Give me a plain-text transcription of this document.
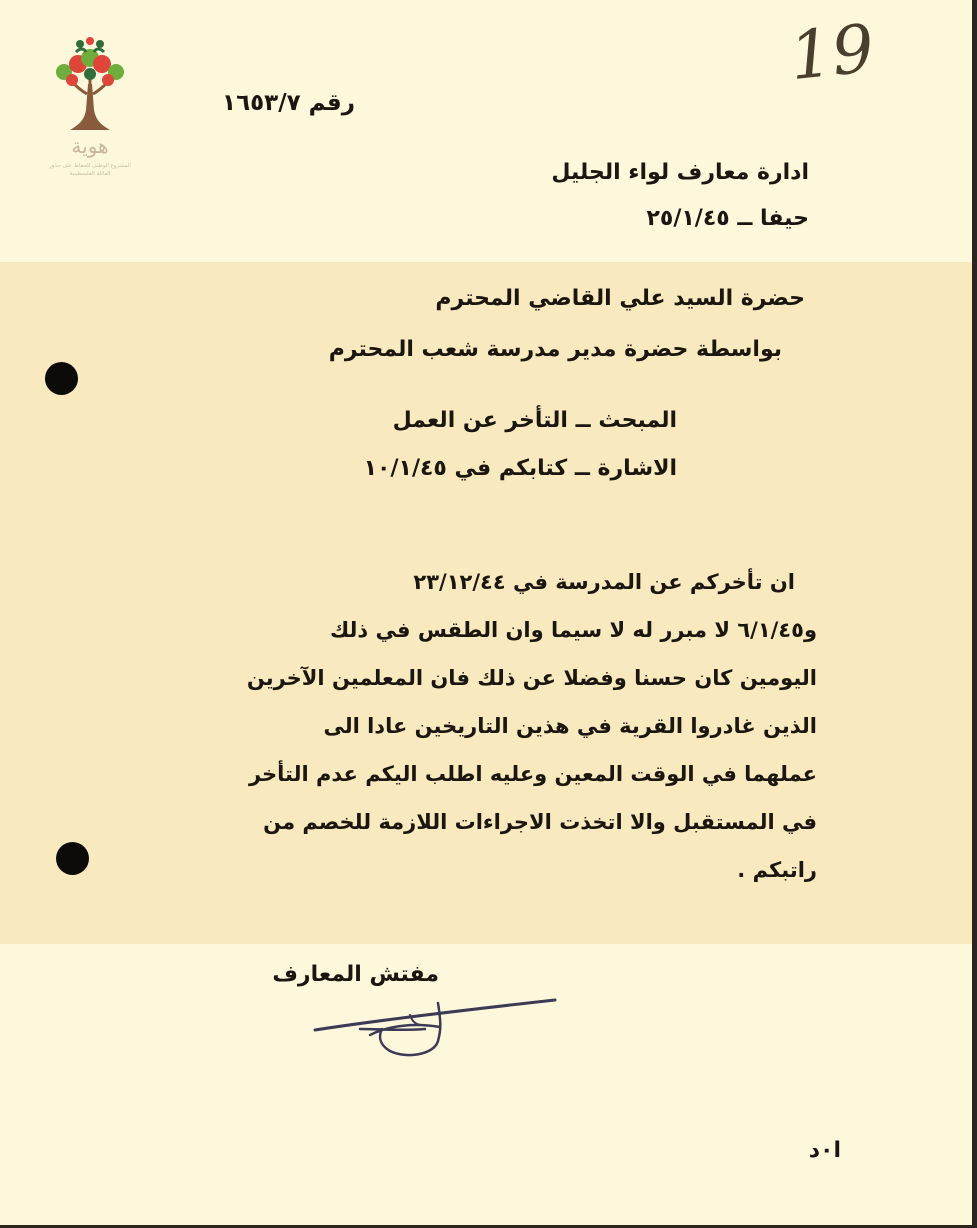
هوية
المشروع الوطني للحفاظ على جذور العائلة الفلسطينية
19
رقم ١٦٥٣/٧
ادارة معارف لواء الجليل
حيفا ــ ٢٥/١/٤٥
حضرة السيد علي القاضي المحترم
بواسطة حضرة مدير مدرسة شعب المحترم
المبحث ــ التأخر عن العمل
الاشارة ــ كتابكم في ١٠/١/٤٥
ان تأخركم عن المدرسة في ٢٣/١٢/٤٤
و٦/١/٤٥ لا مبرر له لا سيما وان الطقس في ذلك
اليومين كان حسنا وفضلا عن ذلك فان المعلمين الآخرين
الذين غادروا القرية في هذين التاريخين عادا الى
عملهما في الوقت المعين وعليه اطلب اليكم عدم التأخر
في المستقبل والا اتخذت الاجراءات اللازمة للخصم من
راتبكم .
مفتش المعارف
ا٠د
